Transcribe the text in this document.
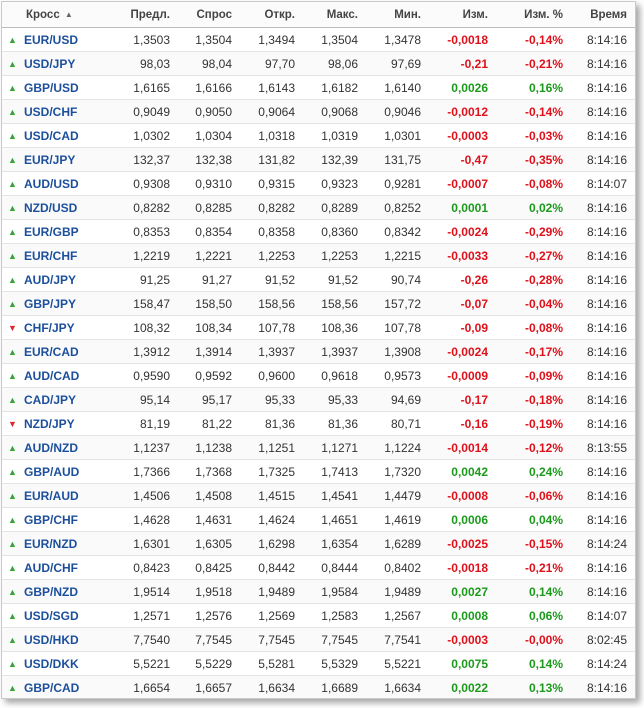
Кросс ▲	Предл.	Спрос	Откр.	Макс.	Мин.	Изм.	Изм. %	Время
▲ EUR/USD	1,3503	1,3504	1,3494	1,3504	1,3478	-0,0018	-0,14%	8:14:16
▲ USD/JPY	98,03	98,04	97,70	98,06	97,69	-0,21	-0,21%	8:14:16
▲ GBP/USD	1,6165	1,6166	1,6143	1,6182	1,6140	0,0026	0,16%	8:14:16
▲ USD/CHF	0,9049	0,9050	0,9064	0,9068	0,9046	-0,0012	-0,14%	8:14:16
▲ USD/CAD	1,0302	1,0304	1,0318	1,0319	1,0301	-0,0003	-0,03%	8:14:16
▲ EUR/JPY	132,37	132,38	131,82	132,39	131,75	-0,47	-0,35%	8:14:16
▲ AUD/USD	0,9308	0,9310	0,9315	0,9323	0,9281	-0,0007	-0,08%	8:14:07
▲ NZD/USD	0,8282	0,8285	0,8282	0,8289	0,8252	0,0001	0,02%	8:14:16
▲ EUR/GBP	0,8353	0,8354	0,8358	0,8360	0,8342	-0,0024	-0,29%	8:14:16
▲ EUR/CHF	1,2219	1,2221	1,2253	1,2253	1,2215	-0,0033	-0,27%	8:14:16
▲ AUD/JPY	91,25	91,27	91,52	91,52	90,74	-0,26	-0,28%	8:14:16
▲ GBP/JPY	158,47	158,50	158,56	158,56	157,72	-0,07	-0,04%	8:14:16
▼ CHF/JPY	108,32	108,34	107,78	108,36	107,78	-0,09	-0,08%	8:14:16
▲ EUR/CAD	1,3912	1,3914	1,3937	1,3937	1,3908	-0,0024	-0,17%	8:14:16
▲ AUD/CAD	0,9590	0,9592	0,9600	0,9618	0,9573	-0,0009	-0,09%	8:14:16
▲ CAD/JPY	95,14	95,17	95,33	95,33	94,69	-0,17	-0,18%	8:14:16
▼ NZD/JPY	81,19	81,22	81,36	81,36	80,71	-0,16	-0,19%	8:14:16
▲ AUD/NZD	1,1237	1,1238	1,1251	1,1271	1,1224	-0,0014	-0,12%	8:13:55
▲ GBP/AUD	1,7366	1,7368	1,7325	1,7413	1,7320	0,0042	0,24%	8:14:16
▲ EUR/AUD	1,4506	1,4508	1,4515	1,4541	1,4479	-0,0008	-0,06%	8:14:16
▲ GBP/CHF	1,4628	1,4631	1,4624	1,4651	1,4619	0,0006	0,04%	8:14:16
▲ EUR/NZD	1,6301	1,6305	1,6298	1,6354	1,6289	-0,0025	-0,15%	8:14:24
▲ AUD/CHF	0,8423	0,8425	0,8442	0,8444	0,8402	-0,0018	-0,21%	8:14:16
▲ GBP/NZD	1,9514	1,9518	1,9489	1,9584	1,9489	0,0027	0,14%	8:14:16
▲ USD/SGD	1,2571	1,2576	1,2569	1,2583	1,2567	0,0008	0,06%	8:14:07
▲ USD/HKD	7,7540	7,7545	7,7545	7,7545	7,7541	-0,0003	-0,00%	8:02:45
▲ USD/DKK	5,5221	5,5229	5,5281	5,5329	5,5221	0,0075	0,14%	8:14:24
▲ GBP/CAD	1,6654	1,6657	1,6634	1,6689	1,6634	0,0022	0,13%	8:14:16
